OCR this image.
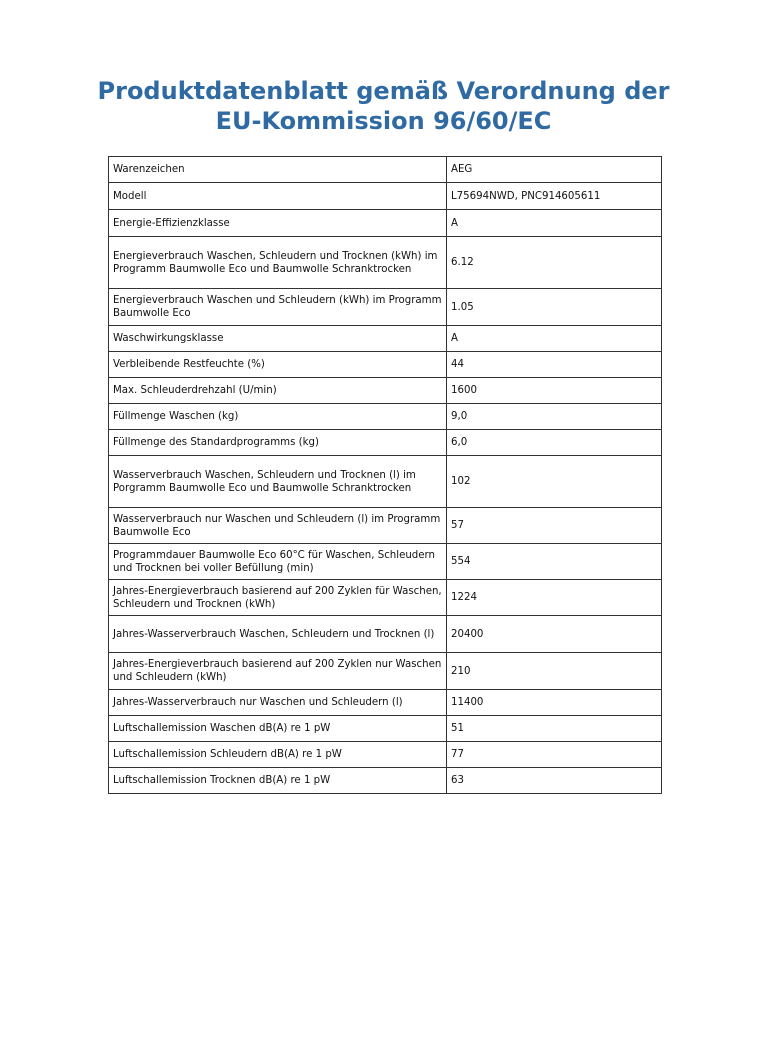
Produktdatenblatt gemäß Verordnung der
EU-Kommission 96/60/EC
Warenzeichen	AEG
Modell	L75694NWD, PNC914605611
Energie-Effizienzklasse	A
Energieverbrauch Waschen, Schleudern und Trocknen (kWh) im Programm Baumwolle Eco und Baumwolle Schranktrocken	6.12
Energieverbrauch Waschen und Schleudern (kWh) im Programm Baumwolle Eco	1.05
Waschwirkungsklasse	A
Verbleibende Restfeuchte (%)	44
Max. Schleuderdrehzahl (U/min)	1600
Füllmenge Waschen (kg)	9,0
Füllmenge des Standardprogramms (kg)	6,0
Wasserverbrauch Waschen, Schleudern und Trocknen (l) im Porgramm Baumwolle Eco und Baumwolle Schranktrocken	102
Wasserverbrauch nur Waschen und Schleudern (l) im Programm Baumwolle Eco	57
Programmdauer Baumwolle Eco 60°C für Waschen, Schleudern und Trocknen bei voller Befüllung (min)	554
Jahres-Energieverbrauch basierend auf 200 Zyklen für Waschen, Schleudern und Trocknen (kWh)	1224
Jahres-Wasserverbrauch Waschen, Schleudern und Trocknen (l)	20400
Jahres-Energieverbrauch basierend auf 200 Zyklen nur Waschen und Schleudern (kWh)	210
Jahres-Wasserverbrauch nur Waschen und Schleudern (l)	11400
Luftschallemission Waschen dB(A) re 1 pW	51
Luftschallemission Schleudern dB(A) re 1 pW	77
Luftschallemission Trocknen dB(A) re 1 pW	63
